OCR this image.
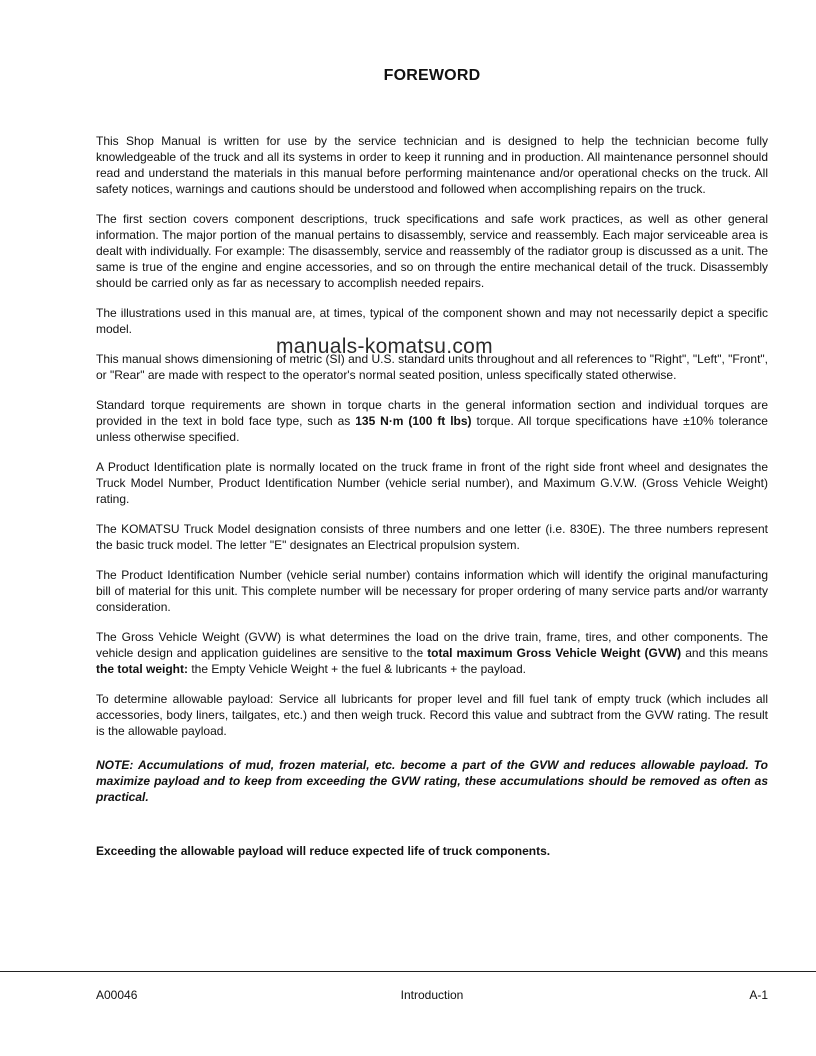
FOREWORD

This Shop Manual is written for use by the service technician and is designed to help the technician become fully knowledgeable of the truck and all its systems in order to keep it running and in production. All maintenance personnel should read and understand the materials in this manual before performing maintenance and/or operational checks on the truck. All safety notices, warnings and cautions should be understood and followed when accomplishing repairs on the truck.

The first section covers component descriptions, truck specifications and safe work practices, as well as other general information. The major portion of the manual pertains to disassembly, service and reassembly. Each major serviceable area is dealt with individually. For example: The disassembly, service and reassembly of the radiator group is discussed as a unit. The same is true of the engine and engine accessories, and so on through the entire mechanical detail of the truck. Disassembly should be carried only as far as necessary to accomplish needed repairs.

The illustrations used in this manual are, at times, typical of the component shown and may not necessarily depict a specific model.

This manual shows dimensioning of metric (SI) and U.S. standard units throughout and all references to "Right", "Left", "Front", or "Rear" are made with respect to the operator's normal seated position, unless specifically stated otherwise.

Standard torque requirements are shown in torque charts in the general information section and individual torques are provided in the text in bold face type, such as 135 N·m (100 ft lbs) torque. All torque specifications have ±10% tolerance unless otherwise specified.

A Product Identification plate is normally located on the truck frame in front of the right side front wheel and designates the Truck Model Number, Product Identification Number (vehicle serial number), and Maximum G.V.W. (Gross Vehicle Weight) rating.

The KOMATSU Truck Model designation consists of three numbers and one letter (i.e. 830E). The three numbers represent the basic truck model. The letter "E" designates an Electrical propulsion system.

The Product Identification Number (vehicle serial number) contains information which will identify the original manufacturing bill of material for this unit. This complete number will be necessary for proper ordering of many service parts and/or warranty consideration.

The Gross Vehicle Weight (GVW) is what determines the load on the drive train, frame, tires, and other components. The vehicle design and application guidelines are sensitive to the total maximum Gross Vehicle Weight (GVW) and this means the total weight: the Empty Vehicle Weight + the fuel & lubricants + the payload.

To determine allowable payload: Service all lubricants for proper level and fill fuel tank of empty truck (which includes all accessories, body liners, tailgates, etc.) and then weigh truck. Record this value and subtract from the GVW rating. The result is the allowable payload.

NOTE: Accumulations of mud, frozen material, etc. become a part of the GVW and reduces allowable payload. To maximize payload and to keep from exceeding the GVW rating, these accumulations should be removed as often as practical.

Exceeding the allowable payload will reduce expected life of truck components.

manuals-komatsu.com
A00046	Introduction	A-1
